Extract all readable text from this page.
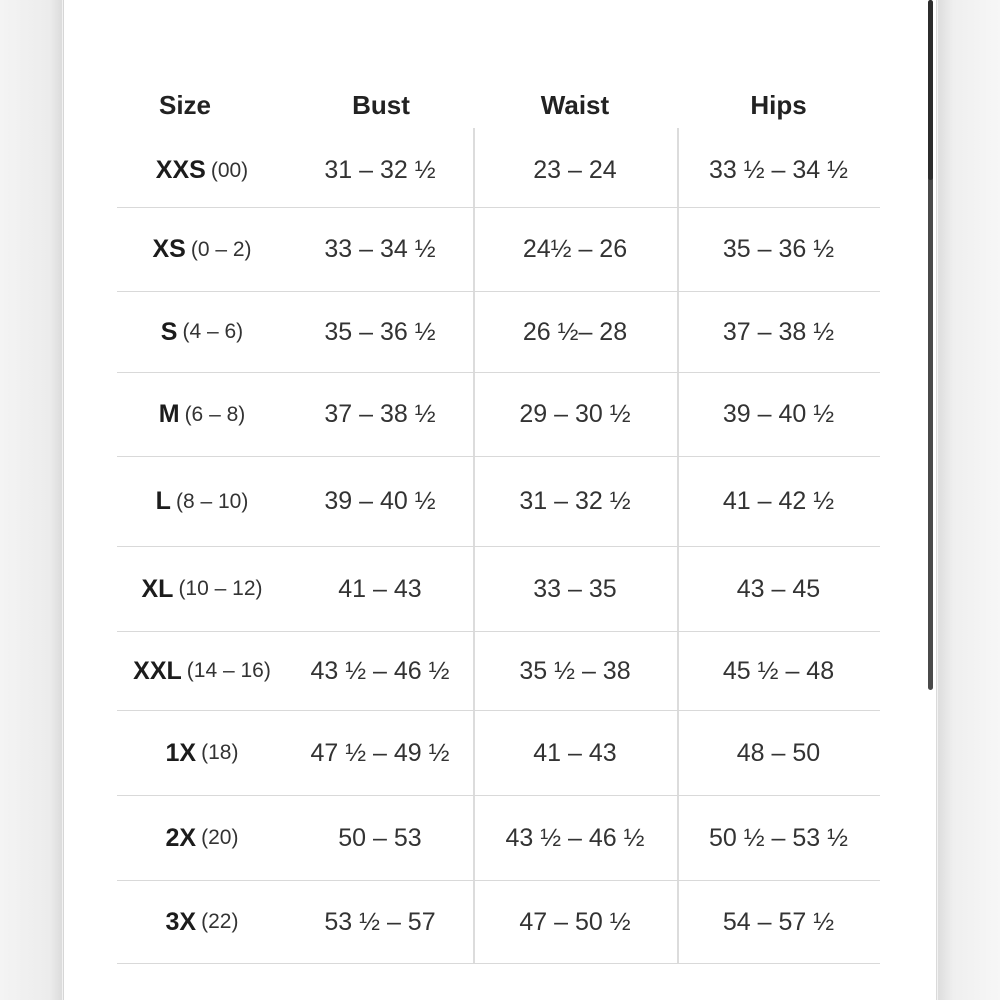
Size	Bust	Waist	Hips
XXS (00)	31 – 32 ½	23 – 24	33 ½ – 34 ½
XS (0 – 2)	33 – 34 ½	24½ – 26	35 – 36 ½
S (4 – 6)	35 – 36 ½	26 ½– 28	37 – 38 ½
M (6 – 8)	37 – 38 ½	29 – 30 ½	39 – 40 ½
L (8 – 10)	39 – 40 ½	31 – 32 ½	41 – 42 ½
XL (10 – 12)	41 – 43	33 – 35	43 – 45
XXL (14 – 16)	43 ½ – 46 ½	35 ½ – 38	45 ½ – 48
1X (18)	47 ½ – 49 ½	41 – 43	48 – 50
2X (20)	50 – 53	43 ½ – 46 ½	50 ½ – 53 ½
3X (22)	53 ½ – 57	47 – 50 ½	54 – 57 ½
